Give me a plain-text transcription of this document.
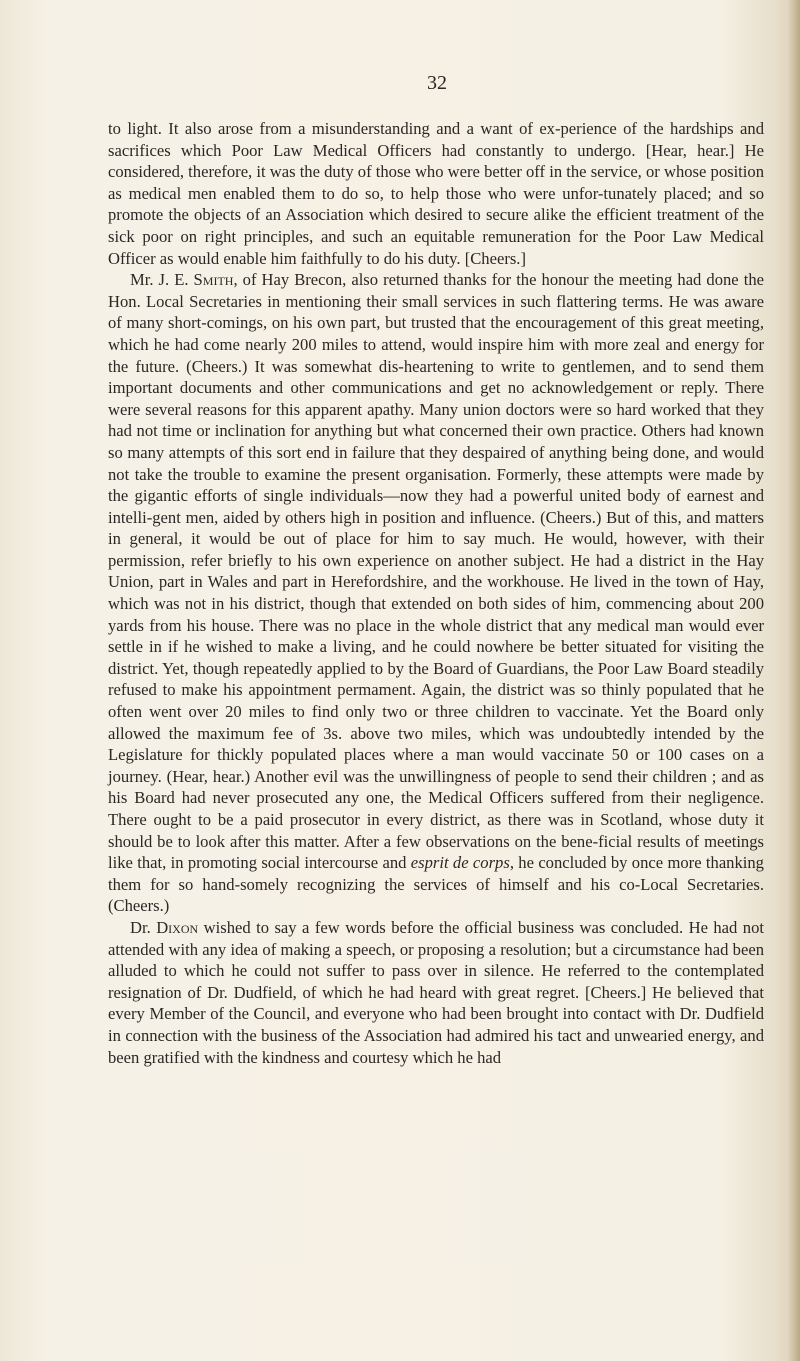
32

to light. It also arose from a misunderstanding and a want of ex-perience of the hardships and sacrifices which Poor Law Medical Officers had constantly to undergo. [Hear, hear.] He considered, therefore, it was the duty of those who were better off in the service, or whose position as medical men enabled them to do so, to help those who were unfor-tunately placed; and so promote the objects of an Association which desired to secure alike the efficient treatment of the sick poor on right principles, and such an equitable remuneration for the Poor Law Medical Officer as would enable him faithfully to do his duty. [Cheers.]

Mr. J. E. Smith, of Hay Brecon, also returned thanks for the honour the meeting had done the Hon. Local Secretaries in mentioning their small services in such flattering terms. He was aware of many short-comings, on his own part, but trusted that the encouragement of this great meeting, which he had come nearly 200 miles to attend, would inspire him with more zeal and energy for the future. (Cheers.) It was somewhat dis-heartening to write to gentlemen, and to send them important documents and other communications and get no acknowledgement or reply. There were several reasons for this apparent apathy. Many union doctors were so hard worked that they had not time or inclination for anything but what concerned their own practice. Others had known so many attempts of this sort end in failure that they despaired of anything being done, and would not take the trouble to examine the present organisation. Formerly, these attempts were made by the gigantic efforts of single individuals—now they had a powerful united body of earnest and intelli-gent men, aided by others high in position and influence. (Cheers.) But of this, and matters in general, it would be out of place for him to say much. He would, however, with their permission, refer briefly to his own experience on another subject. He had a district in the Hay Union, part in Wales and part in Herefordshire, and the workhouse. He lived in the town of Hay, which was not in his district, though that extended on both sides of him, commencing about 200 yards from his house. There was no place in the whole district that any medical man would ever settle in if he wished to make a living, and he could nowhere be better situated for visiting the district. Yet, though repeatedly applied to by the Board of Guardians, the Poor Law Board steadily refused to make his appointment permament. Again, the district was so thinly populated that he often went over 20 miles to find only two or three children to vaccinate. Yet the Board only allowed the maximum fee of 3s. above two miles, which was undoubtedly intended by the Legislature for thickly populated places where a man would vaccinate 50 or 100 cases on a journey. (Hear, hear.) Another evil was the unwillingness of people to send their children ; and as his Board had never prosecuted any one, the Medical Officers suffered from their negligence. There ought to be a paid prosecutor in every district, as there was in Scotland, whose duty it should be to look after this matter. After a few observations on the bene-ficial results of meetings like that, in promoting social intercourse and esprit de corps, he concluded by once more thanking them for so hand-somely recognizing the services of himself and his co-Local Secretaries. (Cheers.)

Dr. Dixon wished to say a few words before the official business was concluded. He had not attended with any idea of making a speech, or proposing a resolution; but a circumstance had been alluded to which he could not suffer to pass over in silence. He referred to the contemplated resignation of Dr. Dudfield, of which he had heard with great regret. [Cheers.] He believed that every Member of the Council, and everyone who had been brought into contact with Dr. Dudfield in connection with the business of the Association had admired his tact and unwearied energy, and been gratified with the kindness and courtesy which he had
